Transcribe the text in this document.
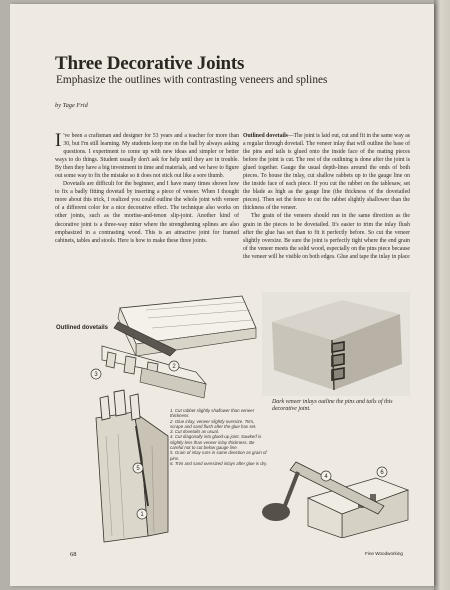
Three Decorative Joints
Emphasize the outlines with contrasting veneers and splines
by Tage Frid

I 've been a craftsman and designer for 53 years and a teacher for more than 30, but I'm still learning. My students keep me on the ball by always asking questions. I experiment to come up with new ideas and simpler or better ways to do things. Student usually don't ask for help until they are in trouble. By then they have a big investment in time and materials, and we have to figure out some way to fix the mistake so it does not stick out like a sore thumb.

Dovetails are difficult for the beginner, and I have many times shown how to fix a badly fitting dovetail by inserting a piece of veneer. When I thought more about this trick, I realized you could outline the whole joint with veneer of a different color for a nice decorative effect. The technique also works on other joints, such as the mortise-and-tenon slip-joint. Another kind of decorative joint is a three-way miter where the strengthening splines are also emphasized in a contrasting wood. This is an attractive joint for framed cabinets, tables and stools. Here is how to make these three joints.

Outlined dovetails—The joint is laid out, cut and fit in the same way as a regular through dovetail. The veneer inlay that will outline the base of the pins and tails is glued onto the inside face of the mating pieces before the joint is cut. The rest of the outlining is done after the joint is glued together. Gauge the usual depth-lines around the ends of both pieces. To house the inlay, cut shallow rabbets up to the gauge line on the inside face of each piece. If you cut the rabbet on the tablesaw, set the blade as high as the gauge line (the thickness of the dovetailed pieces). Then set the fence to cut the rabbet slightly shallower than the thickness of the veneer.

The grain of the veneers should run in the same direction as the grain in the pieces to be dovetailed. It's easier to trim the inlay flush after the glue has set than to fit it perfectly before. So cut the veneer slightly oversize. Be sure the joint is perfectly tight where the end grain of the veneer meets the solid wood, especially on the pins piece because the veneer will be visible on both edges. Glue and tape the inlay in place

Dark veneer inlays outline the pins and tails of this decorative joint.
Outlined dovetails
3
2
5
1
4
6
1. Cut rabbet slightly shallower than veneer thickness.
2. Glue inlay, veneer slightly oversize. Trim, scrape and sand flush after the glue has set.
3. Cut dovetails as usual.
4. Cut diagonally into glued-up joint. Sawkerf is slightly less than veneer inlay thickness. Be careful not to cut below gauge line.
5. Grain of inlay runs in same direction as grain of pins.
6. Trim and sand oversized inlays after glue is dry.
68	Fine Woodworking
